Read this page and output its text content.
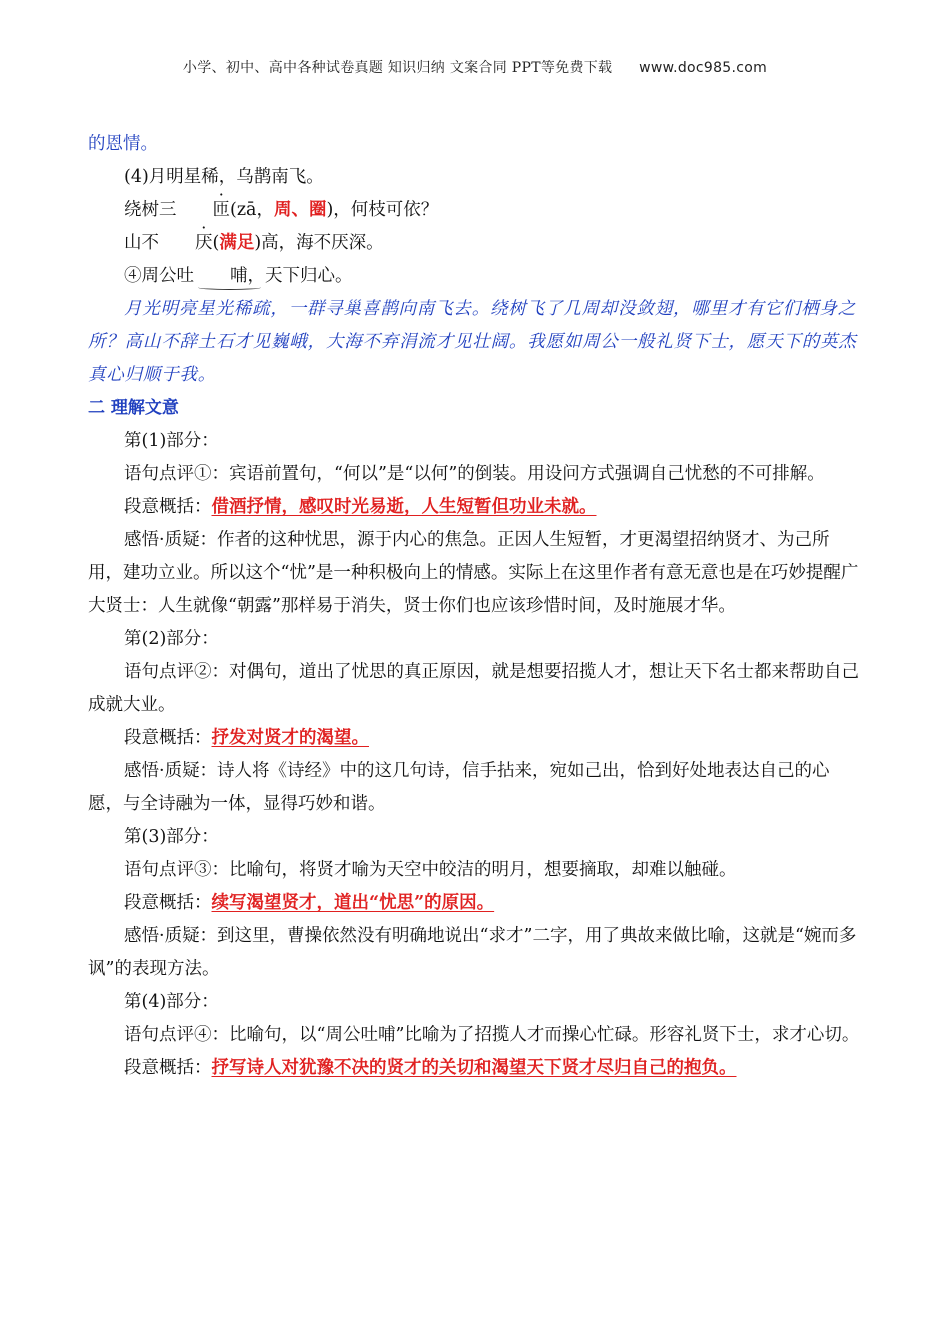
小学、初中、高中各种试卷真题 知识归纳 文案合同 PPT等免费下载 www.doc985.com

的恩情。

(4)月明星稀，乌鹊南飞。

绕树三 匝(zā，周、圈)，何枝可依？

山不 厌(满足)高，海不厌深。

④周公吐 哺，天下归心。

月光明亮星光稀疏，一群寻巢喜鹊向南飞去。绕树飞了几周却没敛翅，哪里才有它们栖身之所？高山不辞土石才见巍峨，大海不弃涓流才见壮阔。我愿如周公一般礼贤下士，愿天下的英杰真心归顺于我。

二 理解文意

第(1)部分：

语句点评①：宾语前置句，“何以”是“以何”的倒装。用设问方式强调自己忧愁的不可排解。

段意概括：借酒抒情，感叹时光易逝，人生短暂但功业未就。

感悟·质疑：作者的这种忧思，源于内心的焦急。正因人生短暂，才更渴望招纳贤才、为己所用，建功立业。所以这个“忧”是一种积极向上的情感。实际上在这里作者有意无意也是在巧妙提醒广大贤士：人生就像“朝露”那样易于消失，贤士你们也应该珍惜时间，及时施展才华。

第(2)部分：

语句点评②：对偶句，道出了忧思的真正原因，就是想要招揽人才，想让天下名士都来帮助自己成就大业。

段意概括：抒发对贤才的渴望。

感悟·质疑：诗人将《诗经》中的这几句诗，信手拈来，宛如己出，恰到好处地表达自己的心愿，与全诗融为一体，显得巧妙和谐。

第(3)部分：

语句点评③：比喻句，将贤才喻为天空中皎洁的明月，想要摘取，却难以触碰。

段意概括：续写渴望贤才，道出“忧思”的原因。

感悟·质疑：到这里，曹操依然没有明确地说出“求才”二字，用了典故来做比喻，这就是“婉而多讽”的表现方法。

第(4)部分：

语句点评④：比喻句，以“周公吐哺”比喻为了招揽人才而操心忙碌。形容礼贤下士，求才心切。

段意概括：抒写诗人对犹豫不决的贤才的关切和渴望天下贤才尽归自己的抱负。
